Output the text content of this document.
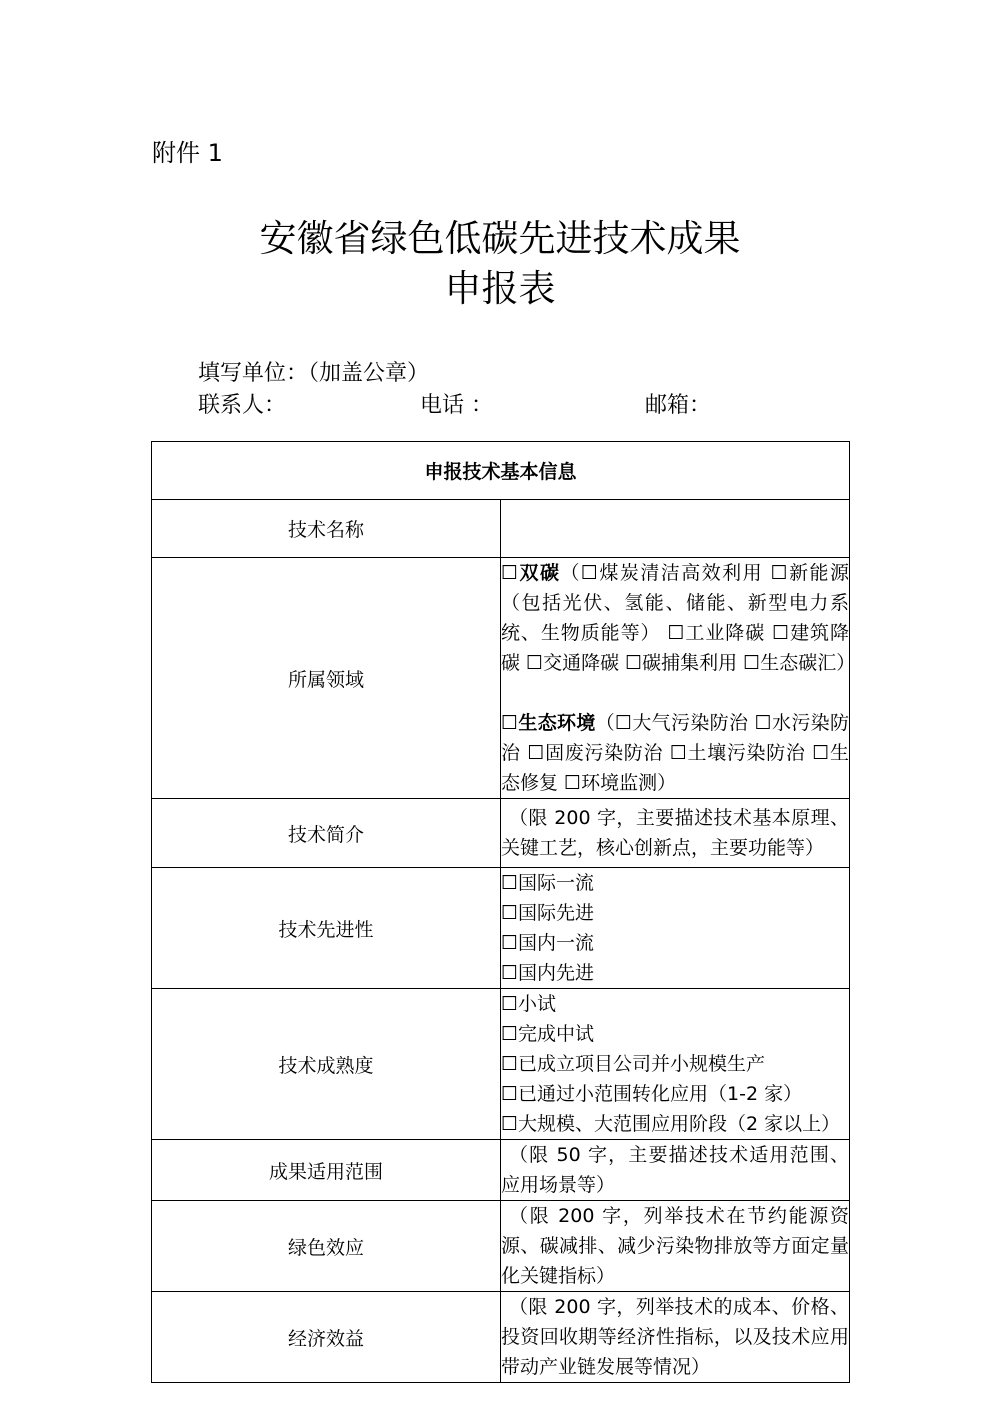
附件 1
安徽省绿色低碳先进技术成果
申报表
填写单位：（加盖公章）
联系人：	电话 ：	邮箱：
申报技术基本信息	
技术名称	
所属领域	☐双碳（☐煤炭清洁高效利用 ☐新能源（包括光伏、氢能、储能、新型电力系统、生物质能等） ☐工业降碳 ☐建筑降碳 ☐交通降碳 ☐碳捕集利用 ☐生态碳汇）
☐生态环境（☐大气污染防治 ☐水污染防治 ☐固废污染防治 ☐土壤污染防治 ☐生态修复 ☐环境监测）

技术简介	（限 200 字，主要描述技术基本原理、关键工艺，核心创新点，主要功能等）
技术先进性	☐国际一流
☐国际先进
☐国内一流
☐国内先进

技术成熟度	☐小试
☐完成中试
☐已成立项目公司并小规模生产
☐已通过小范围转化应用（1-2 家）
☐大规模、大范围应用阶段（2 家以上）

成果适用范围	（限 50 字，主要描述技术适用范围、应用场景等）
绿色效应	（限 200 字，列举技术在节约能源资源、碳减排、减少污染物排放等方面定量化关键指标）
经济效益	（限 200 字，列举技术的成本、价格、投资回收期等经济性指标，以及技术应用带动产业链发展等情况）
